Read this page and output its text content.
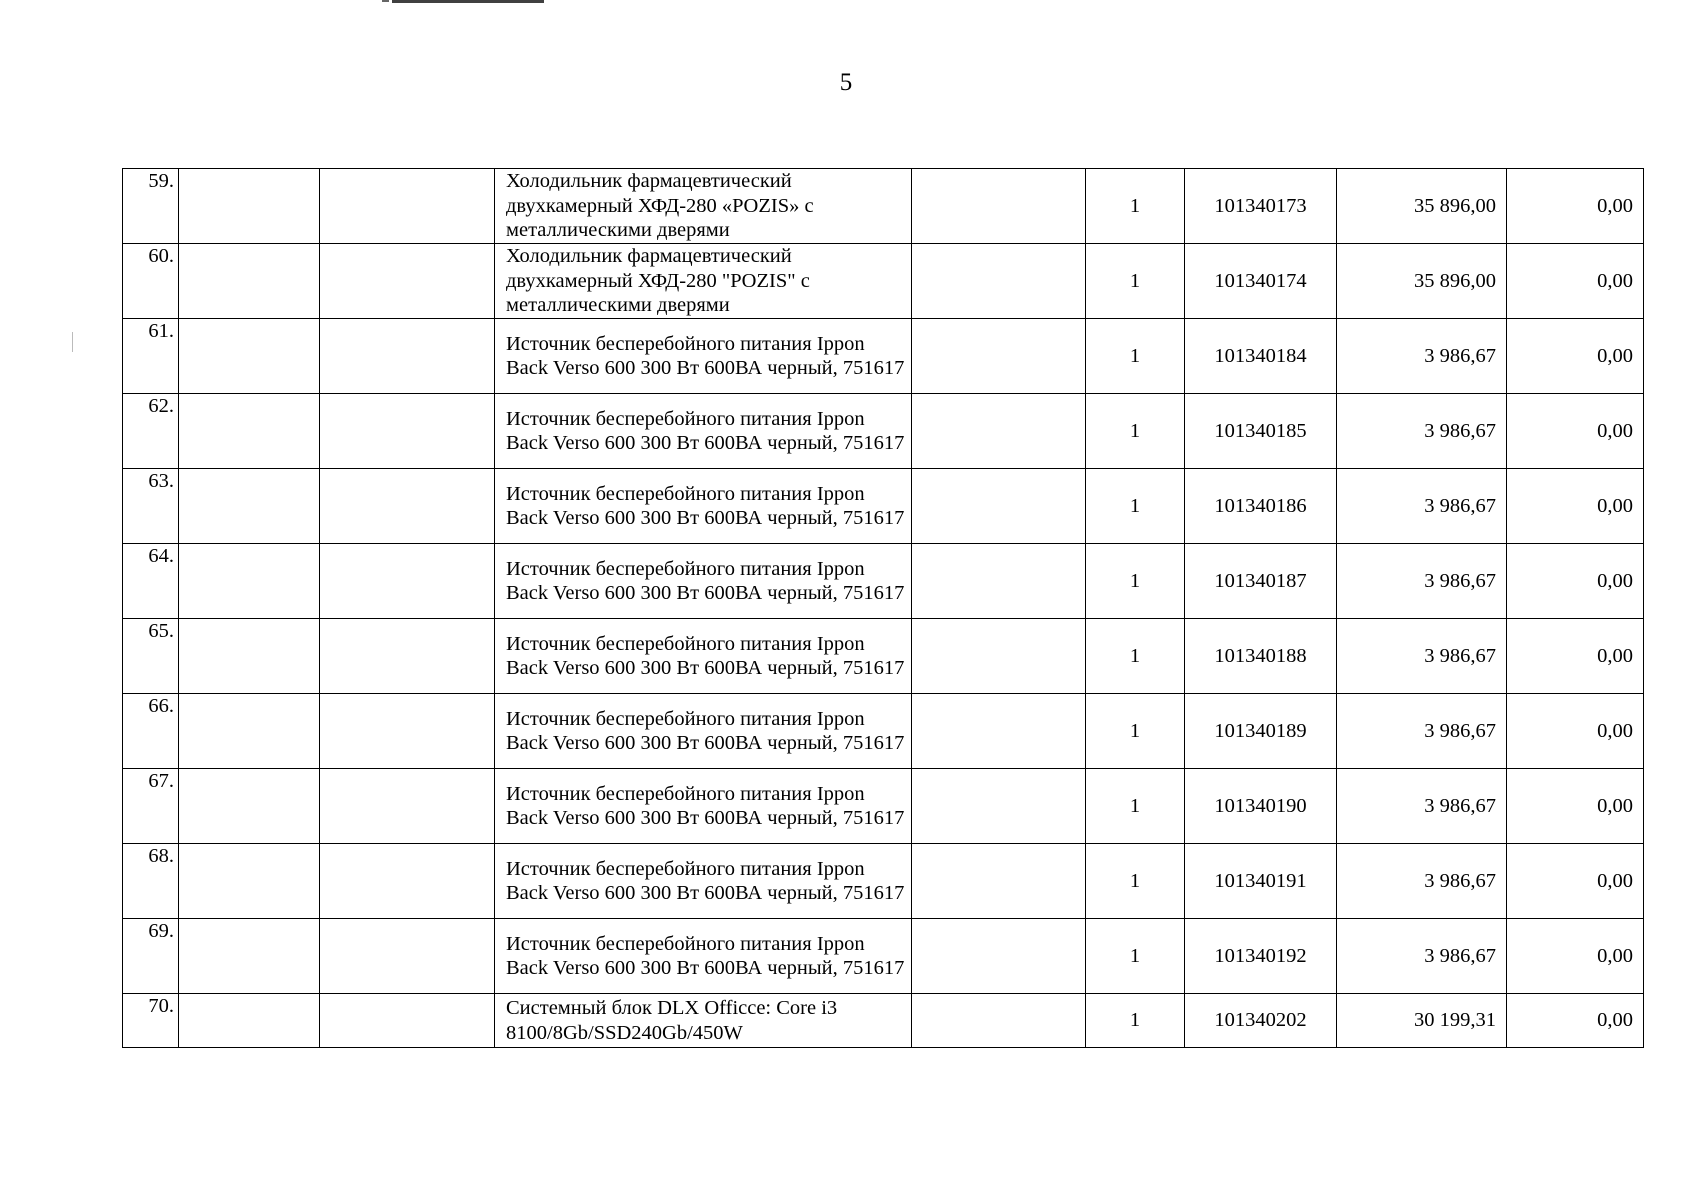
5
59.			Холодильник фармацевтический двухкамерный ХФД-280 «POZIS» с металлическими дверями		1	101340173	35 896,00	0,00
60.			Холодильник фармацевтический двухкамерный ХФД-280 "POZIS" с металлическими дверями		1	101340174	35 896,00	0,00
61.			Источник бесперебойного питания Ippon Back Verso 600 300 Вт 600ВА черный, 751617		1	101340184	3 986,67	0,00
62.			Источник бесперебойного питания Ippon Back Verso 600 300 Вт 600ВА черный, 751617		1	101340185	3 986,67	0,00
63.			Источник бесперебойного питания Ippon Back Verso 600 300 Вт 600ВА черный, 751617		1	101340186	3 986,67	0,00
64.			Источник бесперебойного питания Ippon Back Verso 600 300 Вт 600ВА черный, 751617		1	101340187	3 986,67	0,00
65.			Источник бесперебойного питания Ippon Back Verso 600 300 Вт 600ВА черный, 751617		1	101340188	3 986,67	0,00
66.			Источник бесперебойного питания Ippon Back Verso 600 300 Вт 600ВА черный, 751617		1	101340189	3 986,67	0,00
67.			Источник бесперебойного питания Ippon Back Verso 600 300 Вт 600ВА черный, 751617		1	101340190	3 986,67	0,00
68.			Источник бесперебойного питания Ippon Back Verso 600 300 Вт 600ВА черный, 751617		1	101340191	3 986,67	0,00
69.			Источник бесперебойного питания Ippon Back Verso 600 300 Вт 600ВА черный, 751617		1	101340192	3 986,67	0,00
70.			Системный блок DLX Officce: Core i3 8100/8Gb/SSD240Gb/450W		1	101340202	30 199,31	0,00
